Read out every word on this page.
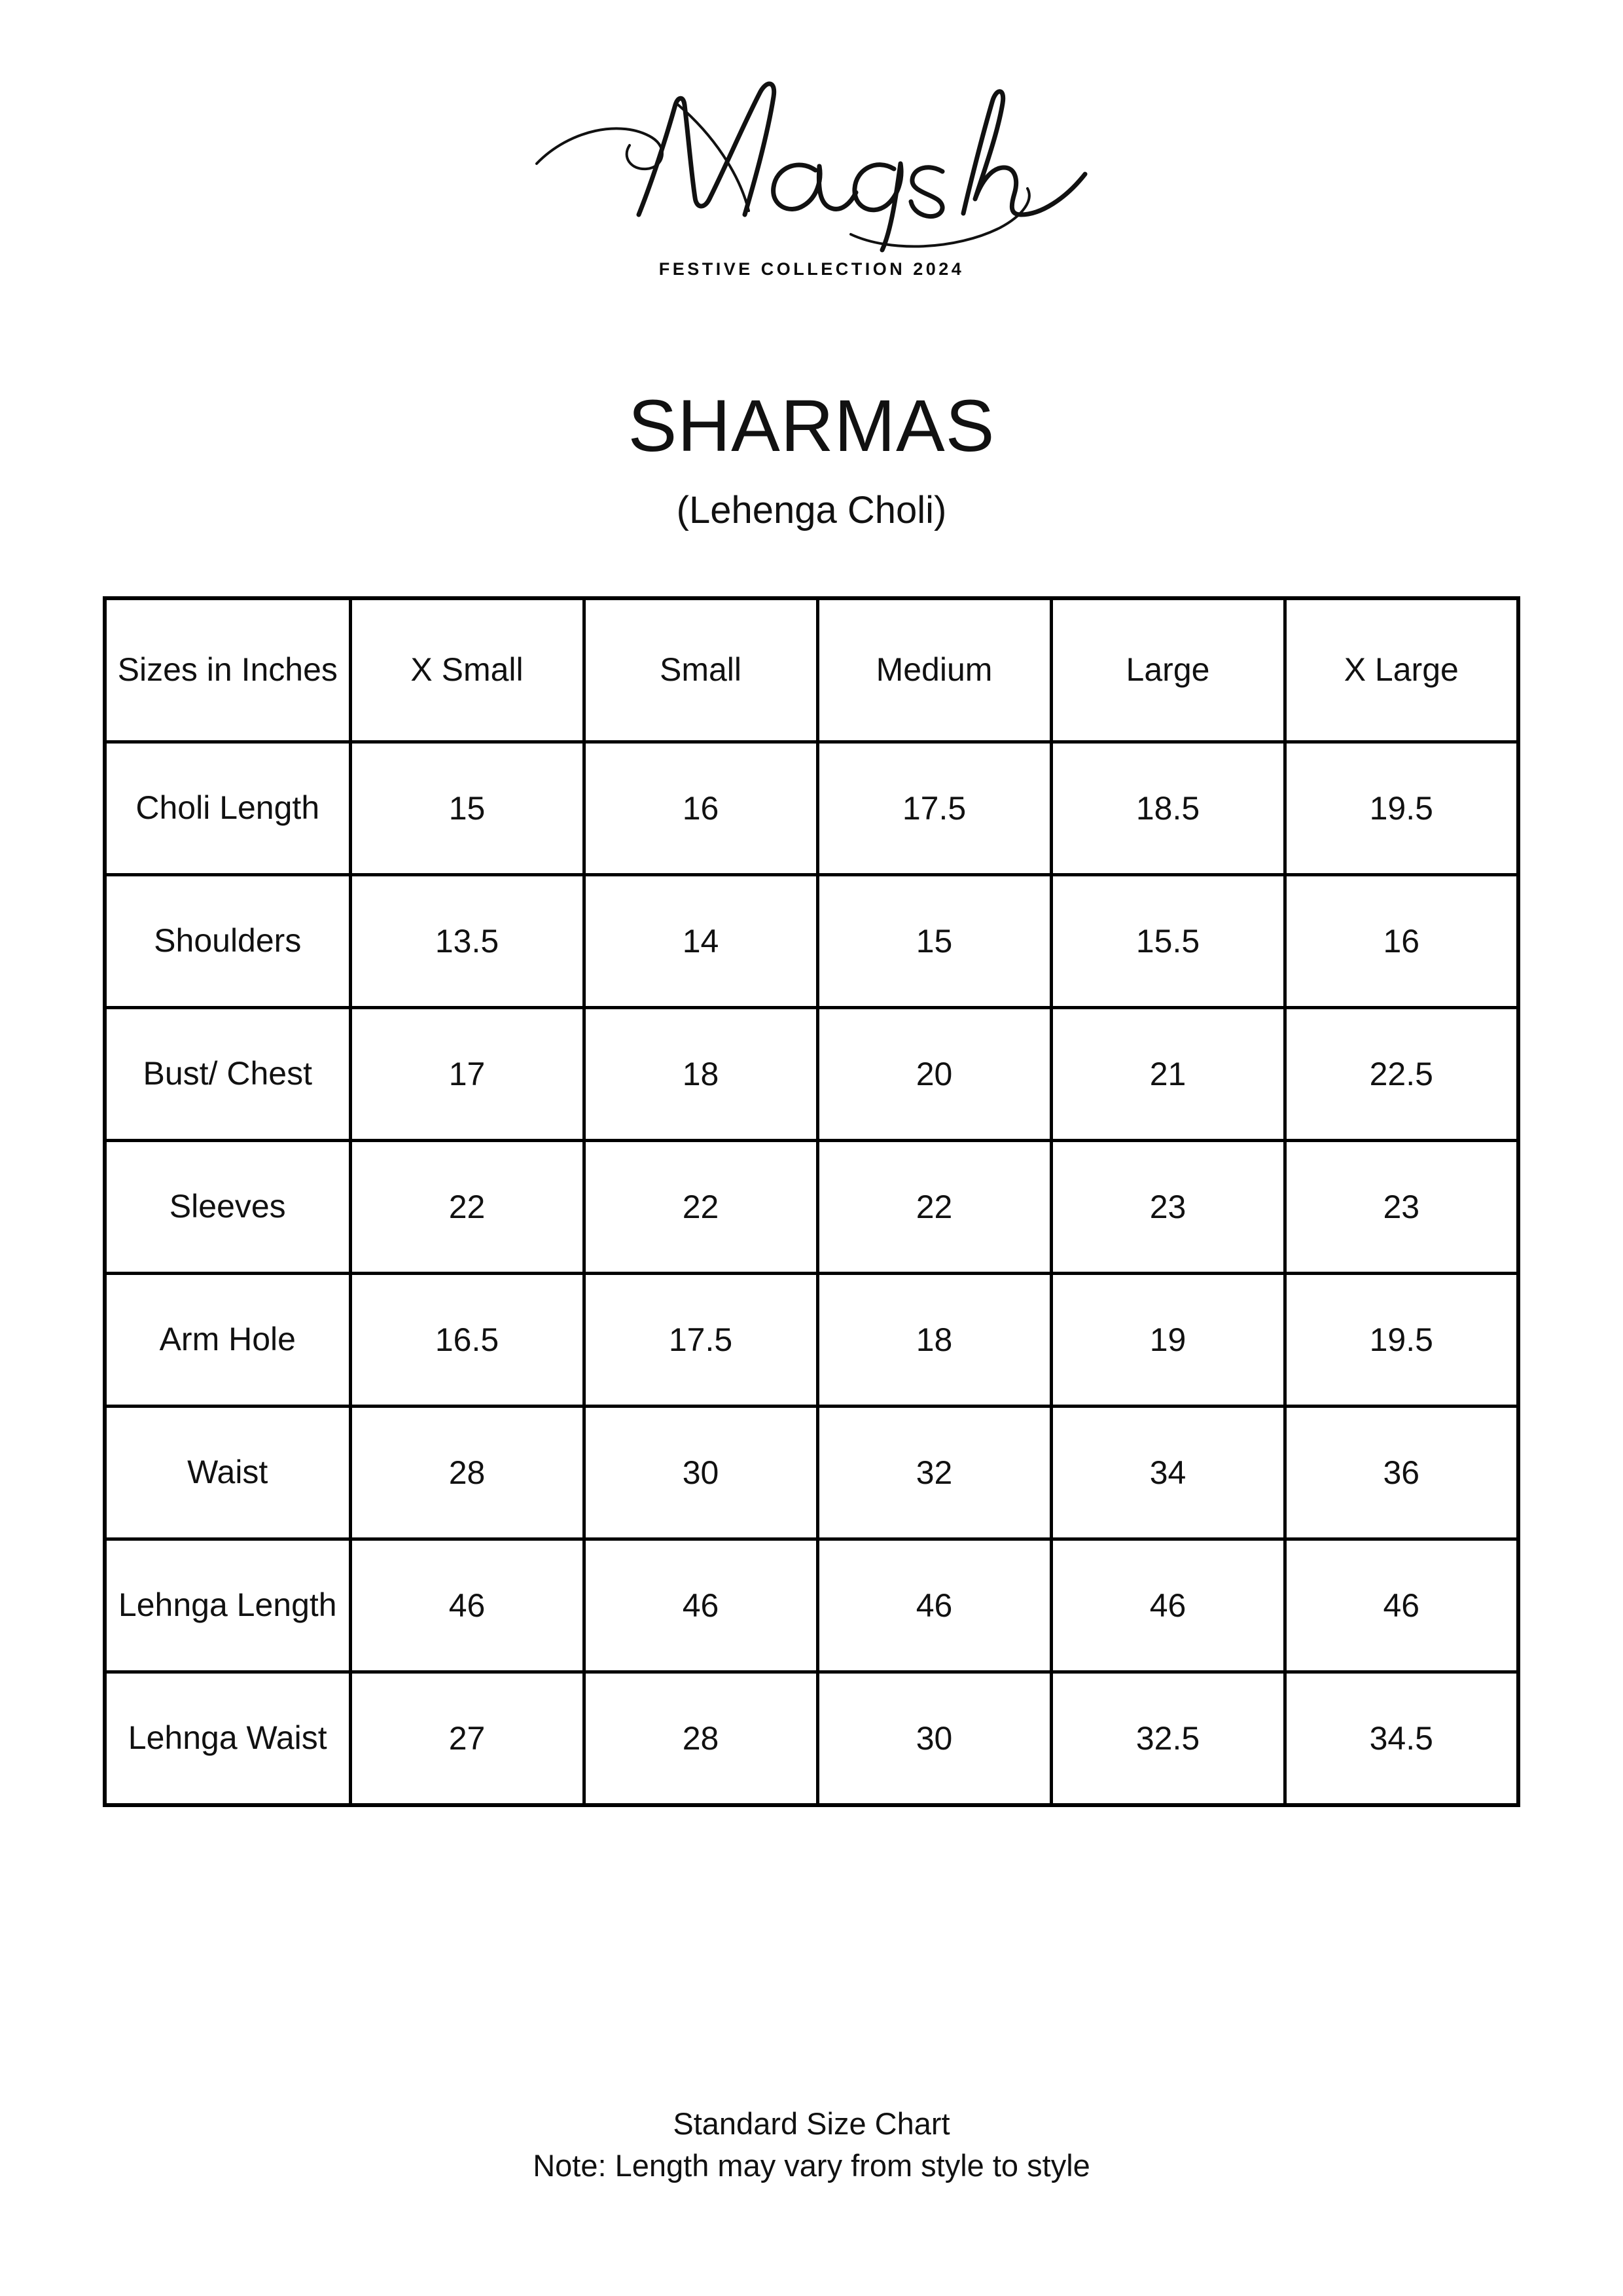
FESTIVE COLLECTION 2024
SHARMAS
(Lehenga Choli)
Sizes in Inches	X Small	Small	Medium	Large	X Large
Choli Length	15	16	17.5	18.5	19.5
Shoulders	13.5	14	15	15.5	16
Bust/ Chest	17	18	20	21	22.5
Sleeves	22	22	22	23	23
Arm Hole	16.5	17.5	18	19	19.5
Waist	28	30	32	34	36
Lehnga Length	46	46	46	46	46
Lehnga Waist	27	28	30	32.5	34.5
Standard Size Chart
Note: Length may vary from style to style
